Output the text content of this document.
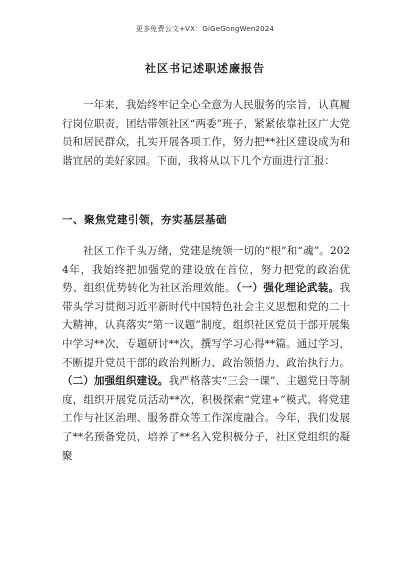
更多免费公文+VX：GiGeGongWen2024
社区书记述职述廉报告

一年来，我始终牢记全心全意为人民服务的宗旨，认真履行岗位职责，团结带领社区“两委”班子，紧紧依靠社区广大党员和居民群众，扎实开展各项工作，努力把**社区建设成为和谐宜居的美好家园。下面，我将从以下几个方面进行汇报：

一、聚焦党建引领，夯实基层基础

社区工作千头万绪，党建是统领一切的“根”和“魂”。2024年，我始终把加强党的建设放在首位，努力把党的政治优势、组织优势转化为社区治理效能。（一）强化理论武装。我带头学习贯彻习近平新时代中国特色社会主义思想和党的二十大精神，认真落实“第一议题”制度，组织社区党员干部开展集中学习**次，专题研讨**次，撰写学习心得**篇。通过学习，不断提升党员干部的政治判断力、政治领悟力、政治执行力。（二）加强组织建设。我严格落实“三会一课”、主题党日等制度，组织开展党员活动**次，积极探索“党建+”模式，将党建工作与社区治理、服务群众等工作深度融合。今年，我们发展了**名预备党员，培养了**名入党积极分子，社区党组织的凝聚
